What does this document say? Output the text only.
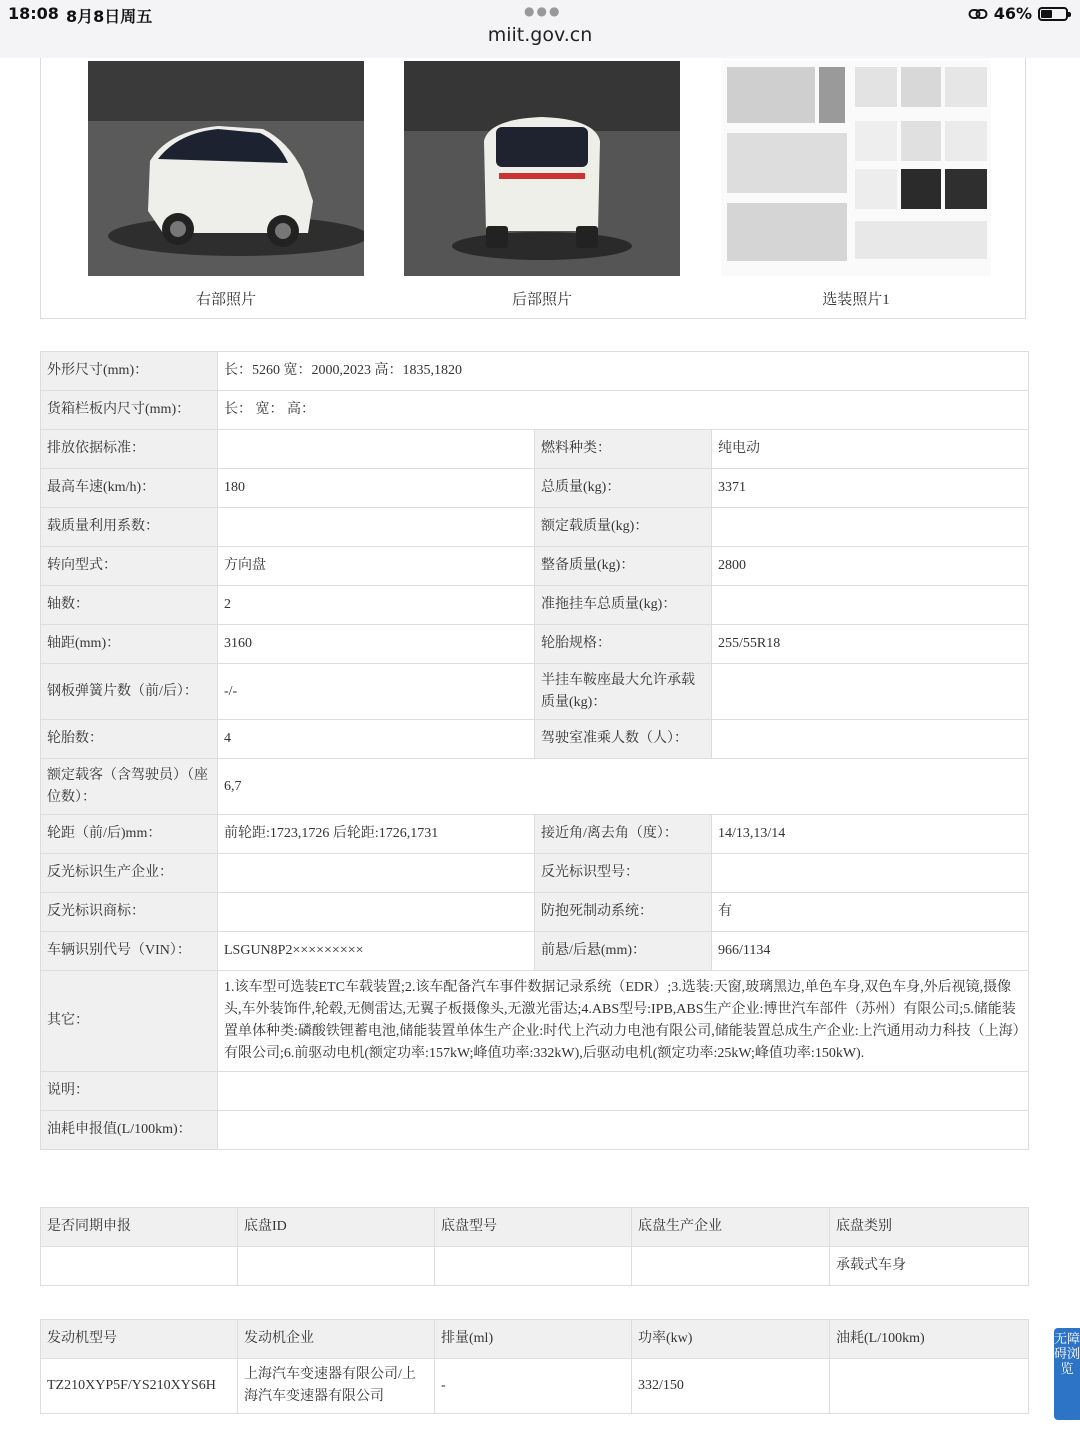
18:08 8月8日周五	●●●
miit.gov.cn
46%
右部照片	后部照片	选装照片1
外形尺寸(mm)：	长：5260 宽：2000,2023 高：1835,1820		
货箱栏板内尺寸(mm)：	长： 宽： 高：		
排放依据标准：		燃料种类：	纯电动
最高车速(km/h)：	180	总质量(kg)：	3371
载质量利用系数：		额定载质量(kg)：	
转向型式：	方向盘	整备质量(kg)：	2800
轴数：	2	准拖挂车总质量(kg)：	
轴距(mm)：	3160	轮胎规格：	255/55R18
钢板弹簧片数（前/后）：	-/-	半挂车鞍座最大允许承载质量(kg)：	
轮胎数：	4	驾驶室准乘人数（人）：	
额定载客（含驾驶员）（座位数）：	6,7		
轮距（前/后)mm：	前轮距:1723,1726 后轮距:1726,1731	接近角/离去角（度）：	14/13,13/14
反光标识生产企业：		反光标识型号：	
反光标识商标：		防抱死制动系统：	有
车辆识别代号（VIN）：	LSGUN8P2×××××××××	前悬/后悬(mm)：	966/1134
其它：	1.该车型可选装ETC车载装置;2.该车配备汽车事件数据记录系统（EDR）;3.选装:天窗,玻璃黑边,单色车身,双色车身,外后视镜,摄像头,车外装饰件,轮毂,无侧雷达,无翼子板摄像头,无激光雷达;4.ABS型号:IPB,ABS生产企业:博世汽车部件（苏州）有限公司;5.储能装置单体种类:磷酸铁锂蓄电池,储能装置单体生产企业:时代上汽动力电池有限公司,储能装置总成生产企业:上汽通用动力科技（上海）有限公司;6.前驱动电机(额定功率:157kW;峰值功率:332kW),后驱动电机(额定功率:25kW;峰值功率:150kW).		
说明：			
油耗申报值(L/100km)：			
是否同期申报	底盘ID	底盘型号	底盘生产企业	底盘类别
				承载式车身
发动机型号	发动机企业	排量(ml)	功率(kw)	油耗(L/100km)
TZ210XYP5F/YS210XYS6H	上海汽车变速器有限公司/上海汽车变速器有限公司	-	332/150	
无障碍浏览
